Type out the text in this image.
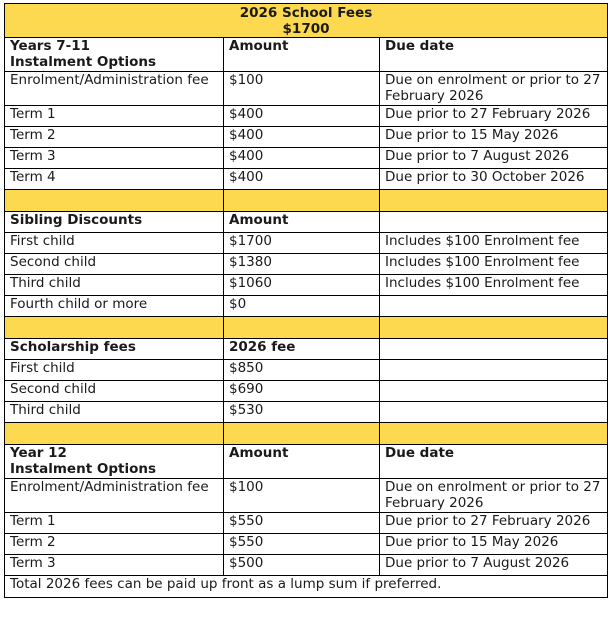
2026 School Fees
$1700		

Years 7-11
Instalment Options	Amount	Due date
Enrolment/Administration fee	$100	Due on enrolment or prior to 27 February 2026
Term 1	$400	Due prior to 27 February 2026
Term 2	$400	Due prior to 15 May 2026
Term 3	$400	Due prior to 7 August 2026
Term 4	$400	Due prior to 30 October 2026

Sibling Discounts	Amount	
First child	$1700	Includes $100 Enrolment fee
Second child	$1380	Includes $100 Enrolment fee
Third child	$1060	Includes $100 Enrolment fee
Fourth child or more	$0	

Scholarship fees	2026 fee	
First child	$850	
Second child	$690	
Third child	$530	

Year 12
Instalment Options	Amount	Due date
Enrolment/Administration fee	$100	Due on enrolment or prior to 27 February 2026
Term 1	$550	Due prior to 27 February 2026
Term 2	$550	Due prior to 15 May 2026
Term 3	$500	Due prior to 7 August 2026
Total 2026 fees can be paid up front as a lump sum if preferred.		
